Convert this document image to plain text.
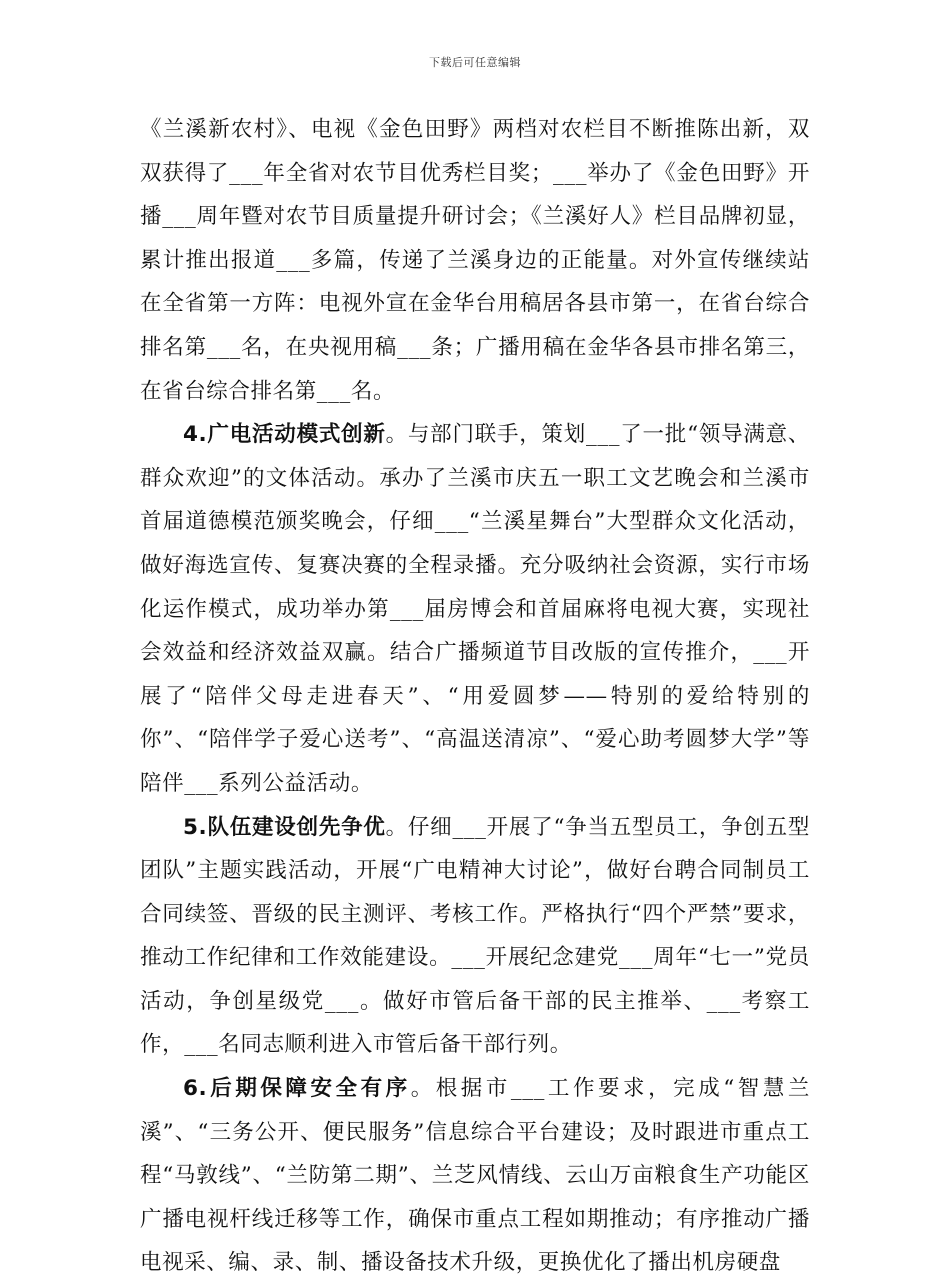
下载后可任意编辑

《兰溪新农村》、电视《金色田野》两档对农栏目不断推陈出新，双双获得了___年全省对农节目优秀栏目奖；___举办了《金色田野》开播___周年暨对农节目质量提升研讨会；《兰溪好人》栏目品牌初显，累计推出报道___多篇，传递了兰溪身边的正能量。对外宣传继续站在全省第一方阵：电视外宣在金华台用稿居各县市第一，在省台综合排名第___名，在央视用稿___条；广播用稿在金华各县市排名第三，在省台综合排名第___名。

4.广电活动模式创新。与部门联手，策划___了一批“领导满意、群众欢迎”的文体活动。承办了兰溪市庆五一职工文艺晚会和兰溪市首届道德模范颁奖晚会，仔细___“兰溪星舞台”大型群众文化活动，做好海选宣传、复赛决赛的全程录播。充分吸纳社会资源，实行市场化运作模式，成功举办第___届房博会和首届麻将电视大赛，实现社会效益和经济效益双赢。结合广播频道节目改版的宣传推介，___开展了“陪伴父母走进春天”、“用爱圆梦——特别的爱给特别的你”、“陪伴学子爱心送考”、“高温送清凉”、“爱心助考圆梦大学”等陪伴___系列公益活动。

5.队伍建设创先争优。仔细___开展了“争当五型员工，争创五型团队”主题实践活动，开展“广电精神大讨论”，做好台聘合同制员工合同续签、晋级的民主测评、考核工作。严格执行“四个严禁”要求，推动工作纪律和工作效能建设。___开展纪念建党___周年“七一”党员活动，争创星级党___。做好市管后备干部的民主推举、___考察工作，___名同志顺利进入市管后备干部行列。

6.后期保障安全有序。根据市___工作要求，完成“智慧兰溪”、“三务公开、便民服务”信息综合平台建设；及时跟进市重点工程“马敦线”、“兰防第二期”、兰芝风情线、云山万亩粮食生产功能区广播电视杆线迁移等工作，确保市重点工程如期推动；有序推动广播电视采、编、录、制、播设备技术升级，更换优化了播出机房硬盘
